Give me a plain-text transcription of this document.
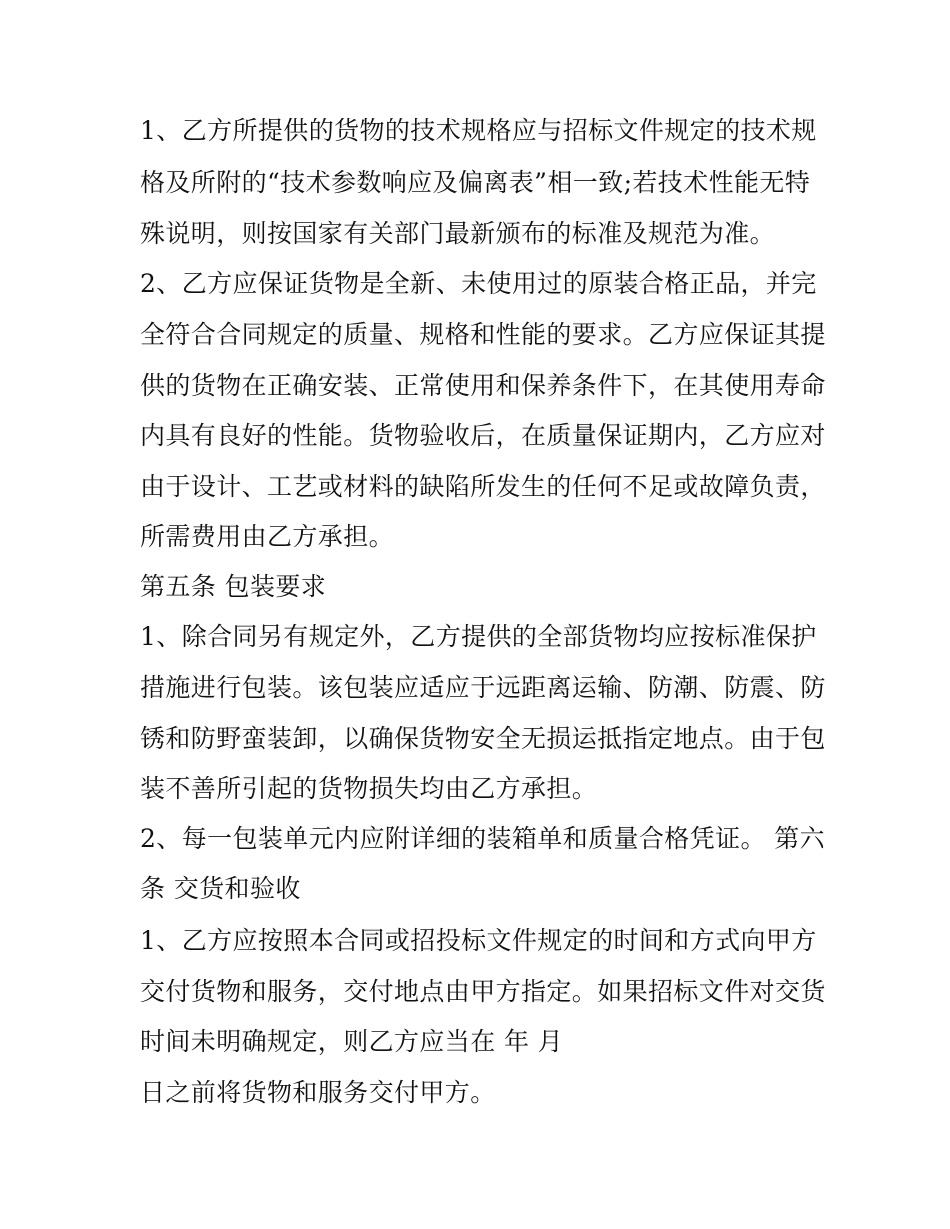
1、乙方所提供的货物的技术规格应与招标文件规定的技术规
格及所附的“技术参数响应及偏离表”相一致;若技术性能无特
殊说明，则按国家有关部门最新颁布的标准及规范为准。
2、乙方应保证货物是全新、未使用过的原装合格正品，并完
全符合合同规定的质量、规格和性能的要求。乙方应保证其提
供的货物在正确安装、正常使用和保养条件下，在其使用寿命
内具有良好的性能。货物验收后，在质量保证期内，乙方应对
由于设计、工艺或材料的缺陷所发生的任何不足或故障负责，
所需费用由乙方承担。
第五条 包装要求
1、除合同另有规定外，乙方提供的全部货物均应按标准保护
措施进行包装。该包装应适应于远距离运输、防潮、防震、防
锈和防野蛮装卸，以确保货物安全无损运抵指定地点。由于包
装不善所引起的货物损失均由乙方承担。
2、每一包装单元内应附详细的装箱单和质量合格凭证。 第六
条 交货和验收
1、乙方应按照本合同或招投标文件规定的时间和方式向甲方
交付货物和服务，交付地点由甲方指定。如果招标文件对交货
时间未明确规定，则乙方应当在 年 月
日之前将货物和服务交付甲方。
